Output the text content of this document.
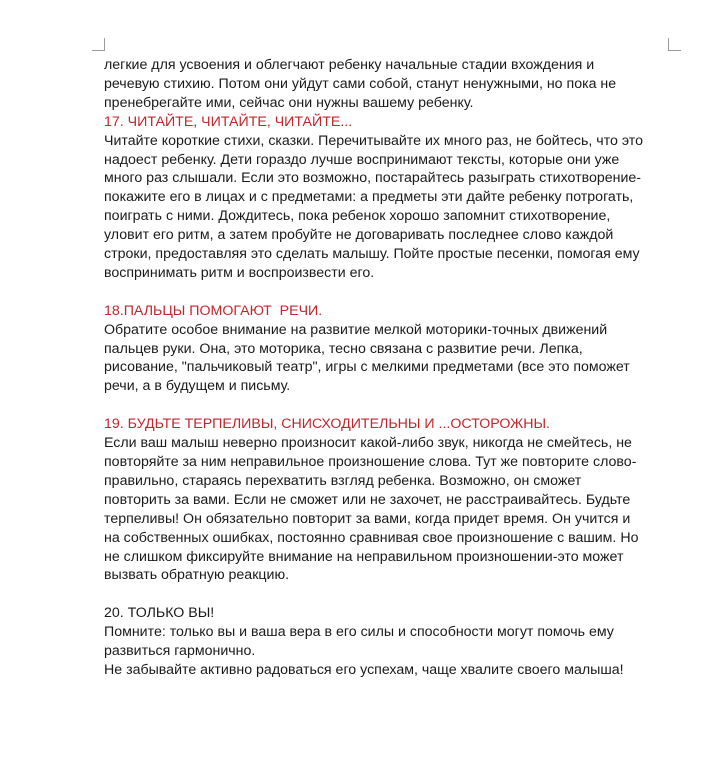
легкие для усвоения и облегчают ребенку начальные стадии вхождения и
речевую стихию. Потом они уйдут сами собой, станут ненужными, но пока не
пренебрегайте ими, сейчас они нужны вашему ребенку.
17. ЧИТАЙТЕ, ЧИТАЙТЕ, ЧИТАЙТЕ...
Читайте короткие стихи, сказки. Перечитывайте их много раз, не бойтесь, что это
надоест ребенку. Дети гораздо лучше воспринимают тексты, которые они уже
много раз слышали. Если это возможно, постарайтесь разыграть стихотворение-
покажите его в лицах и с предметами: а предметы эти дайте ребенку потрогать,
поиграть с ними. Дождитесь, пока ребенок хорошо запомнит стихотворение,
уловит его ритм, а затем пробуйте не договаривать последнее слово каждой
строки, предоставляя это сделать малышу. Пойте простые песенки, помогая ему
воспринимать ритм и воспроизвести его.
18.ПАЛЬЦЫ ПОМОГАЮТ  РЕЧИ.
Обратите особое внимание на развитие мелкой моторики-точных движений
пальцев руки. Она, это моторика, тесно связана с развитие речи. Лепка,
рисование, "пальчиковый театр", игры с мелкими предметами (все это поможет
речи, а в будущем и письму.
19. БУДЬТЕ ТЕРПЕЛИВЫ, СНИСХОДИТЕЛЬНЫ И ...ОСТОРОЖНЫ.
Если ваш малыш неверно произносит какой-либо звук, никогда не смейтесь, не
повторяйте за ним неправильное произношение слова. Тут же повторите слово-
правильно, стараясь перехватить взгляд ребенка. Возможно, он сможет
повторить за вами. Если не сможет или не захочет, не расстраивайтесь. Будьте
терпеливы! Он обязательно повторит за вами, когда придет время. Он учится и
на собственных ошибках, постоянно сравнивая свое произношение с вашим. Но
не слишком фиксируйте внимание на неправильном произношении-это может
вызвать обратную реакцию.
20. ТОЛЬКО ВЫ!
Помните: только вы и ваша вера в его силы и способности могут помочь ему
развиться гармонично.
Не забывайте активно радоваться его успехам, чаще хвалите своего малыша!
